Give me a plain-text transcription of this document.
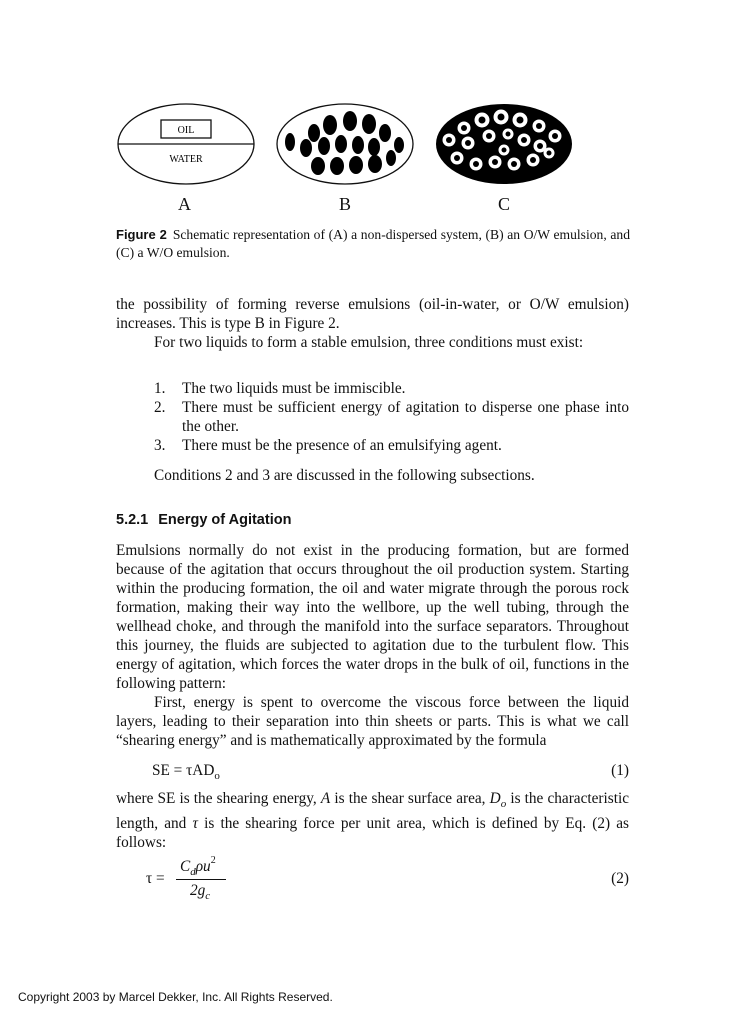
OIL
WATER
A	B	C
Figure 2 Schematic representation of (A) a non-dispersed system, (B) an O/W emulsion, and (C) a W/O emulsion.
the possibility of forming reverse emulsions (oil-in-water, or O/W emulsion) increases. This is type B in Figure 2.
For two liquids to form a stable emulsion, three conditions must exist:
1. The two liquids must be immiscible.
2. There must be sufficient energy of agitation to disperse one phase into the other.
3. There must be the presence of an emulsifying agent.
Conditions 2 and 3 are discussed in the following subsections.
5.2.1 Energy of Agitation
Emulsions normally do not exist in the producing formation, but are formed because of the agitation that occurs throughout the oil production system. Starting within the producing formation, the oil and water migrate through the porous rock formation, making their way into the wellbore, up the well tubing, through the wellhead choke, and through the manifold into the surface separators. Throughout this journey, the fluids are subjected to agitation due to the turbulent flow. This energy of agitation, which forces the water drops in the bulk of oil, functions in the following pattern:
First, energy is spent to overcome the viscous force between the liquid layers, leading to their separation into thin sheets or parts. This is what we call “shearing energy” and is mathematically approximated by the formula
SE = τAD$_o$	(1)
where SE is the shearing energy, A is the shear surface area, $D_o$ is the characteristic length, and τ is the shearing force per unit area, which is defined by Eq. (2) as follows:
τ =
$C_d\rho u^2$
$2g_c$
(2)
Copyright 2003 by Marcel Dekker, Inc. All Rights Reserved.
